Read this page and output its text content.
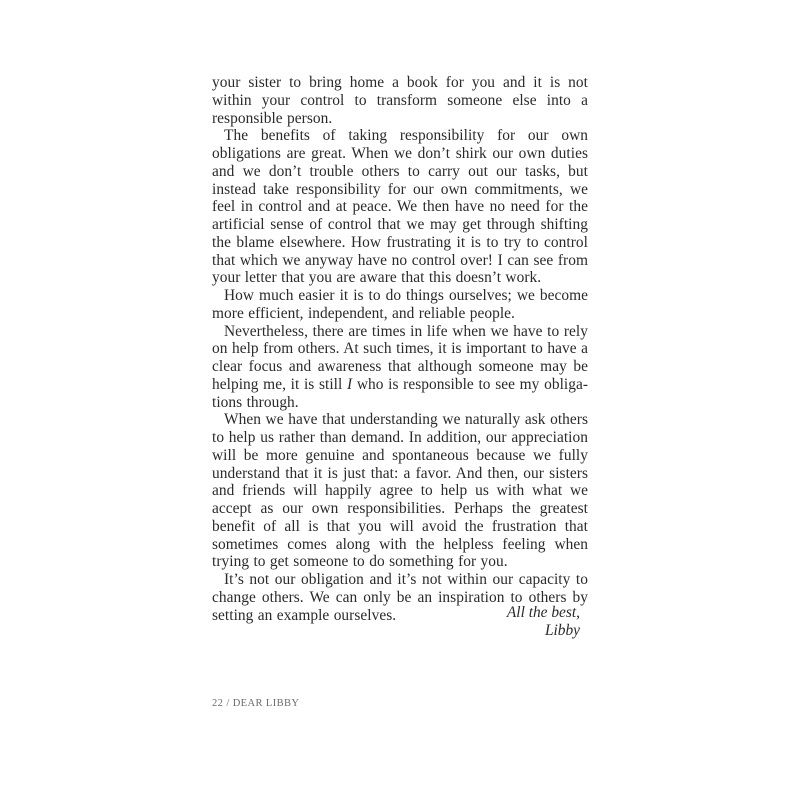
your sister to bring home a book for you and it is not within your control to transform someone else into a responsible person.

The benefits of taking responsibility for our own obligations are great. When we don’t shirk our own duties and we don’t trouble others to carry out our tasks, but instead take responsibility for our own commitments, we feel in control and at peace. We then have no need for the artificial sense of control that we may get through shifting the blame elsewhere. How frustrating it is to try to control that which we anyway have no control over! I can see from your letter that you are aware that this doesn’t work.

How much easier it is to do things ourselves; we become more efficient, independent, and reliable people.

Nevertheless, there are times in life when we have to rely on help from others. At such times, it is important to have a clear focus and awareness that although someone may be helping me, it is still I who is responsible to see my obligations through.

When we have that understanding we naturally ask others to help us rather than demand. In addition, our appreciation will be more genuine and spontaneous because we fully understand that it is just that: a favor. And then, our sisters and friends will happily agree to help us with what we accept as our own responsibilities. Perhaps the greatest benefit of all is that you will avoid the frustration that sometimes comes along with the helpless feeling when trying to get someone to do something for you.

It’s not our obligation and it’s not within our capacity to change others. We can only be an inspiration to others by setting an example ourselves.	All the best,
Libby
22 / DEAR LIBBY
